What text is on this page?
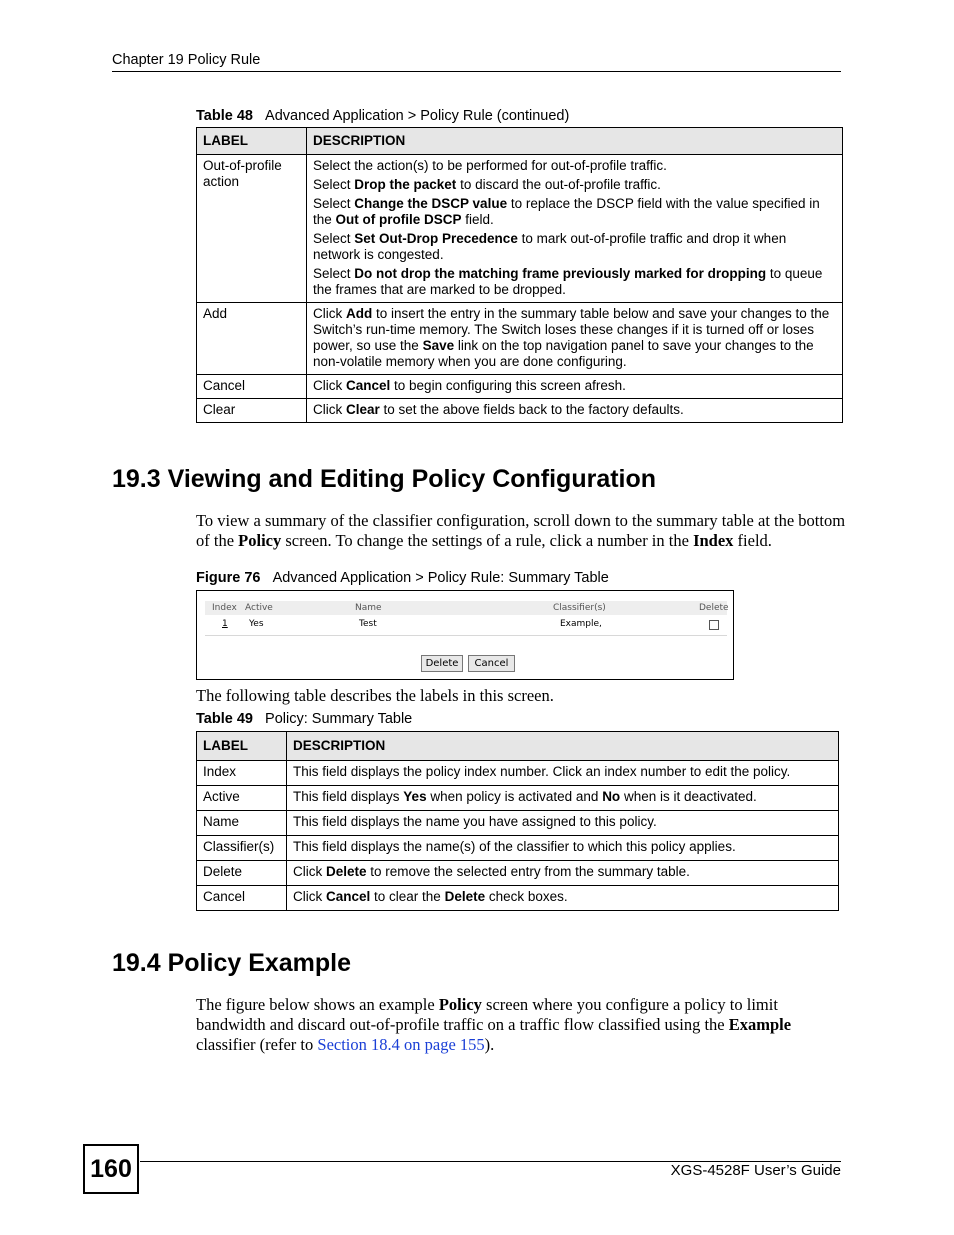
Chapter 19 Policy Rule
Table 48 Advanced Application > Policy Rule (continued)
LABEL	DESCRIPTION
Out-of-profile action	Select the action(s) to be performed for out-of-profile traffic.

Select Drop the packet to discard the out-of-profile traffic.

Select Change the DSCP value to replace the DSCP field with the value specified in the Out of profile DSCP field.

Select Set Out-Drop Precedence to mark out-of-profile traffic and drop it when network is congested.

Select Do not drop the matching frame previously marked for dropping to queue the frames that are marked to be dropped.

Add	Click Add to insert the entry in the summary table below and save your changes to the Switch’s run-time memory. The Switch loses these changes if it is turned off or loses power, so use the Save link on the top navigation panel to save your changes to the non-volatile memory when you are done configuring.
Cancel	Click Cancel to begin configuring this screen afresh.
Clear	Click Clear to set the above fields back to the factory defaults.
19.3 Viewing and Editing Policy Configuration
To view a summary of the classifier configuration, scroll down to the summary table at the bottom of the Policy screen. To change the settings of a rule, click a number in the Index field.
Figure 76 Advanced Application > Policy Rule: Summary Table
Index Active	Name	Classifier(s)	Delete
1 Yes	Test	Example,
Delete	Cancel
The following table describes the labels in this screen.
Table 49 Policy: Summary Table
LABEL	DESCRIPTION
Index	This field displays the policy index number. Click an index number to edit the policy.
Active	This field displays Yes when policy is activated and No when is it deactivated.
Name	This field displays the name you have assigned to this policy.
Classifier(s)	This field displays the name(s) of the classifier to which this policy applies.
Delete	Click Delete to remove the selected entry from the summary table.
Cancel	Click Cancel to clear the Delete check boxes.
19.4 Policy Example
The figure below shows an example Policy screen where you configure a policy to limit bandwidth and discard out-of-profile traffic on a traffic flow classified using the Example classifier (refer to Section 18.4 on page 155).
160	XGS-4528F User’s Guide
